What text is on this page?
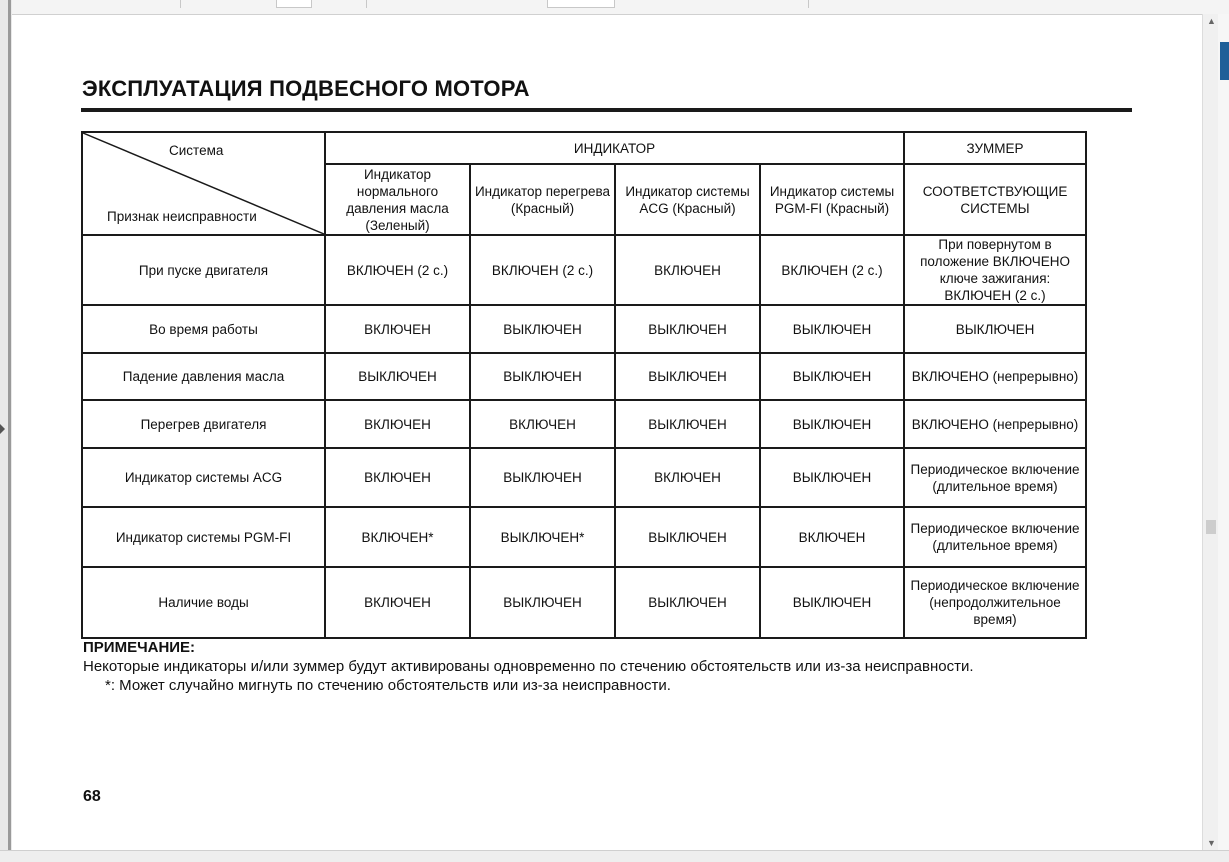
▲
▼
ЭКСПЛУАТАЦИЯ ПОДВЕСНОГО МОТОРА
Система
Признак неисправности	ИНДИКАТОР				ЗУММЕР
	Индикатор нормального давления масла (Зеленый)	Индикатор перегрева (Красный)	Индикатор системы ACG (Красный)	Индикатор системы PGM-FI (Красный)	СООТВЕТСТВУЮЩИЕ СИСТЕМЫ
При пуске двигателя	ВКЛЮЧЕН (2 с.)	ВКЛЮЧЕН (2 с.)	ВКЛЮЧЕН	ВКЛЮЧЕН (2 с.)	При повернутом в положение ВКЛЮЧЕНО ключе зажигания: ВКЛЮЧЕН (2 с.)
Во время работы	ВКЛЮЧЕН	ВЫКЛЮЧЕН	ВЫКЛЮЧЕН	ВЫКЛЮЧЕН	ВЫКЛЮЧЕН
Падение давления масла	ВЫКЛЮЧЕН	ВЫКЛЮЧЕН	ВЫКЛЮЧЕН	ВЫКЛЮЧЕН	ВКЛЮЧЕНО (непрерывно)
Перегрев двигателя	ВКЛЮЧЕН	ВКЛЮЧЕН	ВЫКЛЮЧЕН	ВЫКЛЮЧЕН	ВКЛЮЧЕНО (непрерывно)
Индикатор системы ACG	ВКЛЮЧЕН	ВЫКЛЮЧЕН	ВКЛЮЧЕН	ВЫКЛЮЧЕН	Периодическое включение (длительное время)
Индикатор системы PGM-FI	ВКЛЮЧЕН*	ВЫКЛЮЧЕН*	ВЫКЛЮЧЕН	ВКЛЮЧЕН	Периодическое включение (длительное время)
Наличие воды	ВКЛЮЧЕН	ВЫКЛЮЧЕН	ВЫКЛЮЧЕН	ВЫКЛЮЧЕН	Периодическое включение (непродолжительное время)
ПРИМЕЧАНИЕ:
Некоторые индикаторы и/или зуммер будут активированы одновременно по стечению обстоятельств или из-за неисправности.
*: Может случайно мигнуть по стечению обстоятельств или из-за неисправности.
68
